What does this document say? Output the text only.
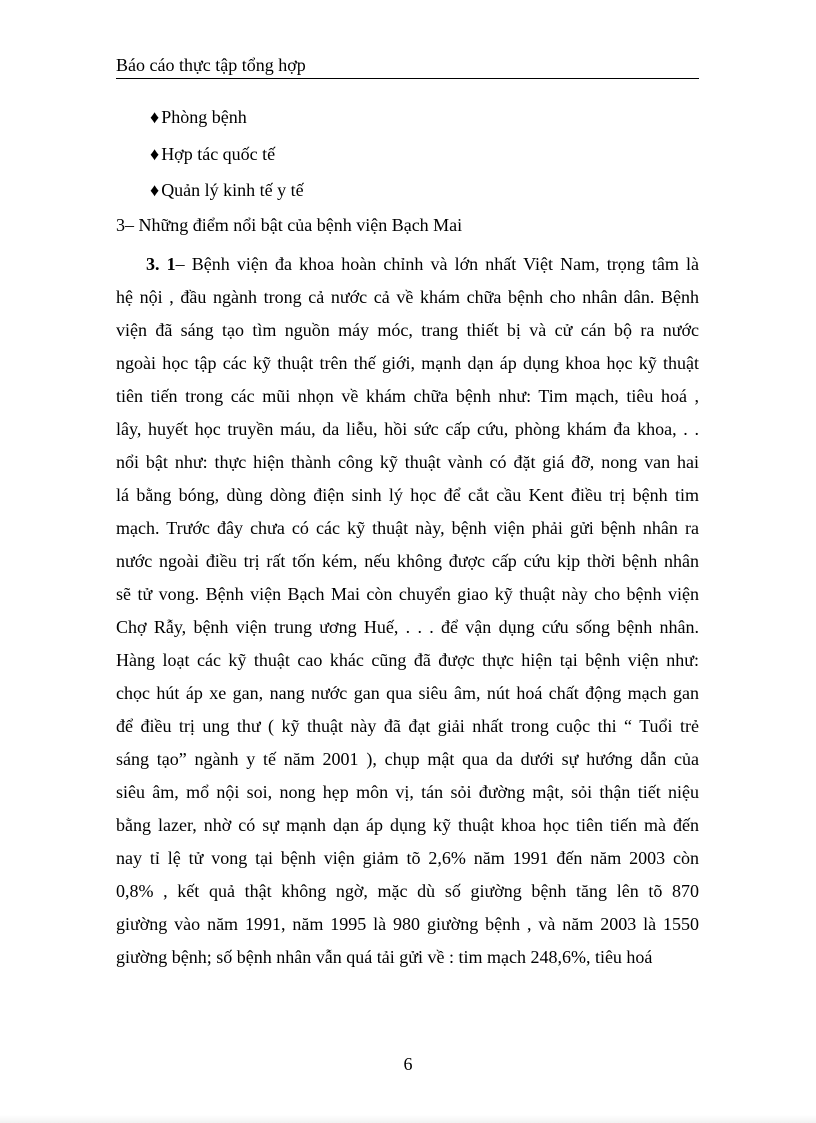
Báo cáo thực tập tổng hợp
♦ Phòng bệnh
♦ Hợp tác quốc tế
♦ Quản lý kinh tế y tế
3– Những điểm nổi bật của bệnh viện Bạch Mai
3. 1– Bệnh viện đa khoa hoàn chỉnh và lớn nhất Việt Nam, trọng tâm là
hệ nội , đầu ngành trong cả nước cả về khám chữa bệnh cho nhân dân. Bệnh
viện đã sáng tạo tìm nguồn máy móc, trang thiết bị và cử cán bộ ra nước
ngoài học tập các kỹ thuật trên thế giới, mạnh dạn áp dụng khoa học kỹ thuật
tiên tiến trong các mũi nhọn về khám chữa bệnh như: Tim mạch, tiêu hoá ,
lây, huyết học truyền máu, da liễu, hồi sức cấp cứu, phòng khám đa khoa, . .
nổi bật như: thực hiện thành công kỹ thuật vành có đặt giá đỡ, nong van hai
lá bằng bóng, dùng dòng điện sinh lý học để cắt cầu Kent điều trị bệnh tim
mạch. Trước đây chưa có các kỹ thuật này, bệnh viện phải gửi bệnh nhân ra
nước ngoài điều trị rất tốn kém, nếu không được cấp cứu kịp thời bệnh nhân
sẽ tử vong. Bệnh viện Bạch Mai còn chuyển giao kỹ thuật này cho bệnh viện
Chợ Rẫy, bệnh viện trung ương Huế, . . . để vận dụng cứu sống bệnh nhân.
Hàng loạt các kỹ thuật cao khác cũng đã được thực hiện tại bệnh viện như:
chọc hút áp xe gan, nang nước gan qua siêu âm, nút hoá chất động mạch gan
để điều trị ung thư ( kỹ thuật này đã đạt giải nhất trong cuộc thi “ Tuổi trẻ
sáng tạo” ngành y tế năm 2001 ), chụp mật qua da dưới sự hướng dẫn của
siêu âm, mổ nội soi, nong hẹp môn vị, tán sỏi đường mật, sỏi thận tiết niệu
bằng lazer, nhờ có sự mạnh dạn áp dụng kỹ thuật khoa học tiên tiến mà đến
nay tỉ lệ tử vong tại bệnh viện giảm tõ 2,6% năm 1991 đến năm 2003 còn
0,8% , kết quả thật không ngờ, mặc dù số giường bệnh tăng lên tõ 870
giường vào năm 1991, năm 1995 là 980 giường bệnh , và năm 2003 là 1550
giường bệnh; số bệnh nhân vẫn quá tải gửi về : tim mạch 248,6%, tiêu hoá
6
